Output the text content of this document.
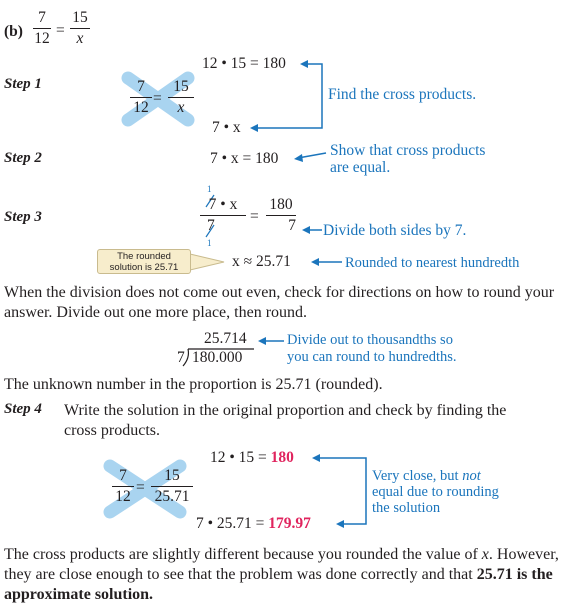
(b)
7
12 =
15
x
Step 1
12 • 15 = 180
7
12
=
15
x
7 • x
Find the cross products.
Step 2	7 • x = 180	Show that cross products
are equal.
Step 3
1
7 • x
7
1
=
180
7 Divide both sides by 7.
The rounded
solution is 25.71	x ≈ 25.71	Rounded to nearest hundredth
When the division does not come out even, check for directions on how to round your answer. Divide out one more place, then round.
25.714
7 180.000
Divide out to thousandths so
you can round to hundredths.
The unknown number in the proportion is 25.71 (rounded).
Step 4 Write the solution in the original proportion and check by finding the cross products.
12 • 15 = 180
7
12
=
15
25.71
7 • 25.71 = 179.97
Very close, but not
equal due to rounding
the solution
The cross products are slightly different because you rounded the value of x. However, they are close enough to see that the problem was done correctly and that 25.71 is the approximate solution.
